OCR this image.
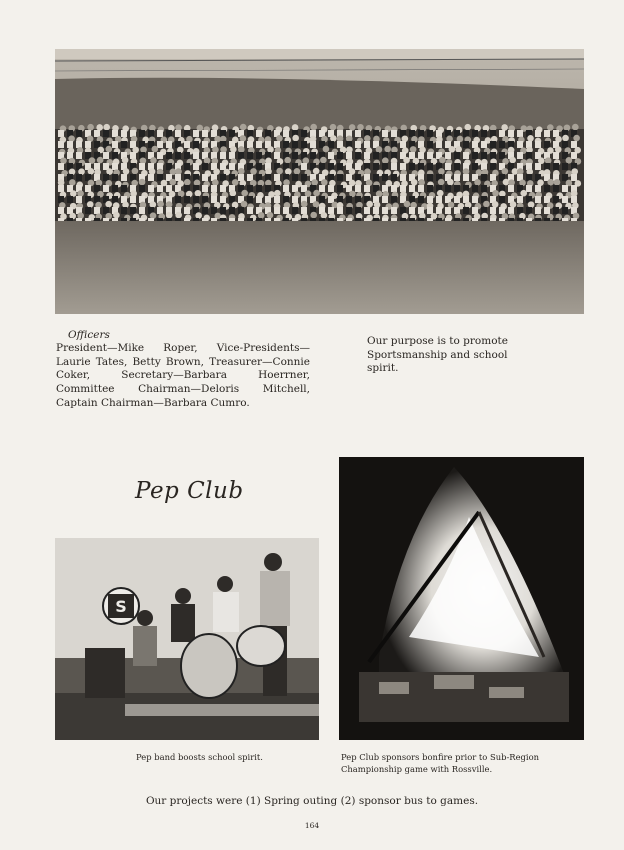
Officers
President—Mike Roper, Vice-Presidents—Laurie Tates, Betty Brown, Treasurer—Connie Coker, Secretary—Barbara Hoerrner, Committee Chairman—Deloris Mitchell, Captain Chairman—Barbara Cumro.
Our purpose is to promote Sportsmanship and school spirit.
Pep Club
S
Pep band boosts school spirit.	Pep Club sponsors bonfire prior to Sub-Region Championship game with Rossville.
Our projects were (1) Spring outing (2) sponsor bus to games.
164
